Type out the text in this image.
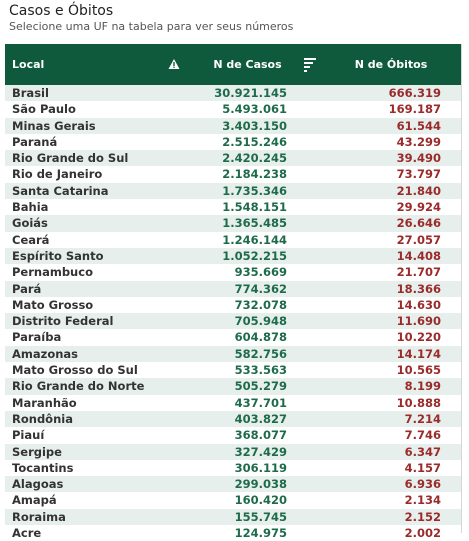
Casos e Óbitos
Selecione uma UF na tabela para ver seus números
Local	N de Casos	N de Óbitos
Brasil	30.921.145	666.319
São Paulo	5.493.061	169.187
Minas Gerais	3.403.150	61.544
Paraná	2.515.246	43.299
Rio Grande do Sul	2.420.245	39.490
Rio de Janeiro	2.184.238	73.797
Santa Catarina	1.735.346	21.840
Bahia	1.548.151	29.924
Goiás	1.365.485	26.646
Ceará	1.246.144	27.057
Espírito Santo	1.052.215	14.408
Pernambuco	935.669	21.707
Pará	774.362	18.366
Mato Grosso	732.078	14.630
Distrito Federal	705.948	11.690
Paraíba	604.878	10.220
Amazonas	582.756	14.174
Mato Grosso do Sul	533.563	10.565
Rio Grande do Norte	505.279	8.199
Maranhão	437.701	10.888
Rondônia	403.827	7.214
Piauí	368.077	7.746
Sergipe	327.429	6.347
Tocantins	306.119	4.157
Alagoas	299.038	6.936
Amapá	160.420	2.134
Roraima	155.745	2.152
Acre	124.975	2.002
